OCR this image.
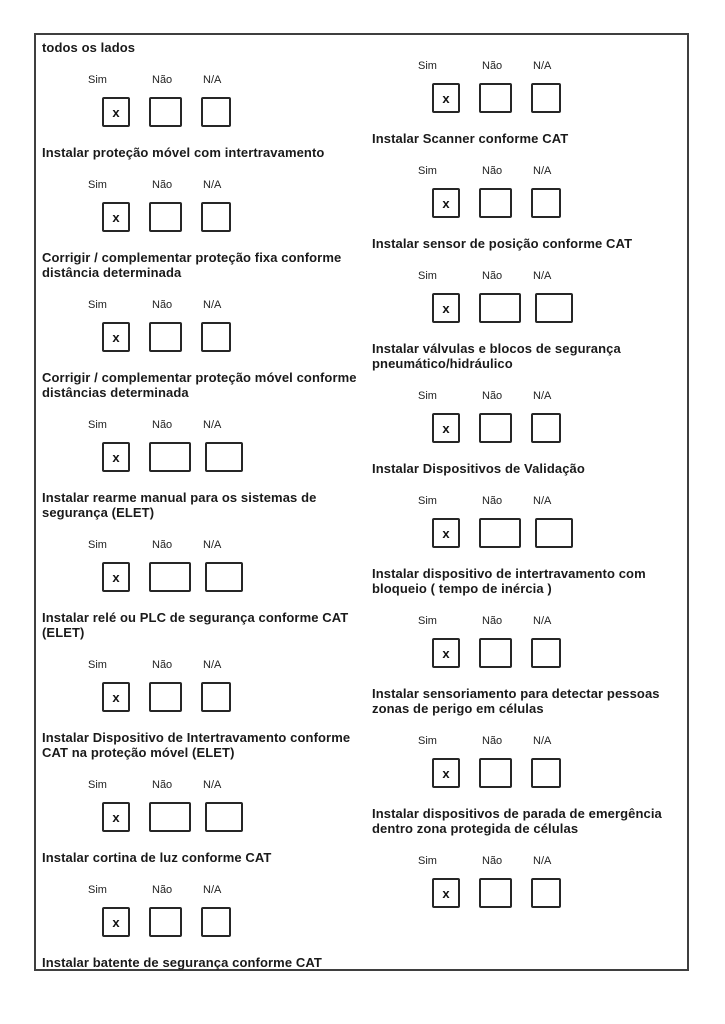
todos os lados

Sim	Não	N/A
x

Instalar proteção móvel com intertravamento

Sim	Não	N/A
x

Corrigir / complementar proteção fixa conforme distância determinada

Sim	Não	N/A
x

Corrigir / complementar proteção móvel conforme distâncias determinada

Sim	Não	N/A
x

Instalar rearme manual para os sistemas de segurança (ELET)

Sim	Não	N/A
x

Instalar relé ou PLC de segurança conforme CAT (ELET)

Sim	Não	N/A
x

Instalar Dispositivo de Intertravamento conforme CAT na proteção móvel (ELET)

Sim	Não	N/A
x

Instalar cortina de luz conforme CAT

Sim	Não	N/A
x

Instalar batente de segurança conforme CAT

Sim	Não	N/A
x

Instalar Scanner conforme CAT

Sim	Não	N/A
x

Instalar sensor de posição conforme CAT

Sim	Não	N/A
x

Instalar válvulas e blocos de segurança pneumático/hidráulico

Sim	Não	N/A
x

Instalar Dispositivos de Validação

Sim	Não	N/A
x

Instalar dispositivo de intertravamento com bloqueio ( tempo de inércia )

Sim	Não	N/A
x

Instalar sensoriamento para detectar pessoas zonas de perigo em células

Sim	Não	N/A
x

Instalar dispositivos de parada de emergência dentro zona protegida de células

Sim	Não	N/A
x
